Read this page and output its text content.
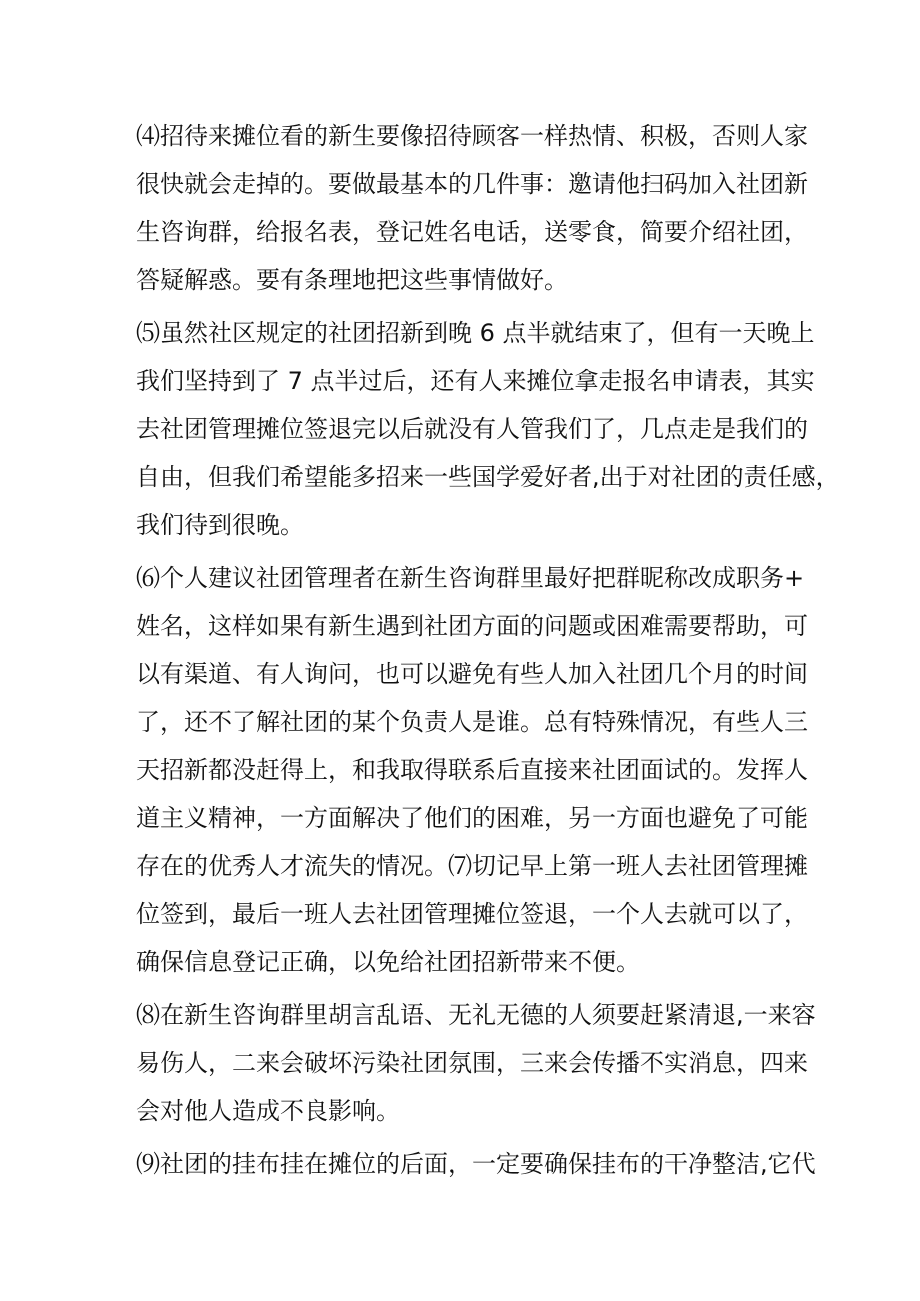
⑷招待来摊位看的新生要像招待顾客一样热情、积极，否则人家
很快就会走掉的。要做最基本的几件事：邀请他扫码加入社团新
生咨询群，给报名表，登记姓名电话，送零食，简要介绍社团，
答疑解惑。要有条理地把这些事情做好。

⑸虽然社区规定的社团招新到晚 6 点半就结束了，但有一天晚上
我们坚持到了 7 点半过后，还有人来摊位拿走报名申请表，其实
去社团管理摊位签退完以后就没有人管我们了，几点走是我们的
自由，但我们希望能多招来一些国学爱好者,出于对社团的责任感，
我们待到很晚。

⑹个人建议社团管理者在新生咨询群里最好把群昵称改成职务+
姓名，这样如果有新生遇到社团方面的问题或困难需要帮助，可
以有渠道、有人询问，也可以避免有些人加入社团几个月的时间
了，还不了解社团的某个负责人是谁。总有特殊情况，有些人三
天招新都没赶得上，和我取得联系后直接来社团面试的。发挥人
道主义精神，一方面解决了他们的困难，另一方面也避免了可能
存在的优秀人才流失的情况。⑺切记早上第一班人去社团管理摊
位签到，最后一班人去社团管理摊位签退，一个人去就可以了，
确保信息登记正确，以免给社团招新带来不便。

⑻在新生咨询群里胡言乱语、无礼无德的人须要赶紧清退,一来容
易伤人，二来会破坏污染社团氛围，三来会传播不实消息，四来
会对他人造成不良影响。

⑼社团的挂布挂在摊位的后面，一定要确保挂布的干净整洁,它代
